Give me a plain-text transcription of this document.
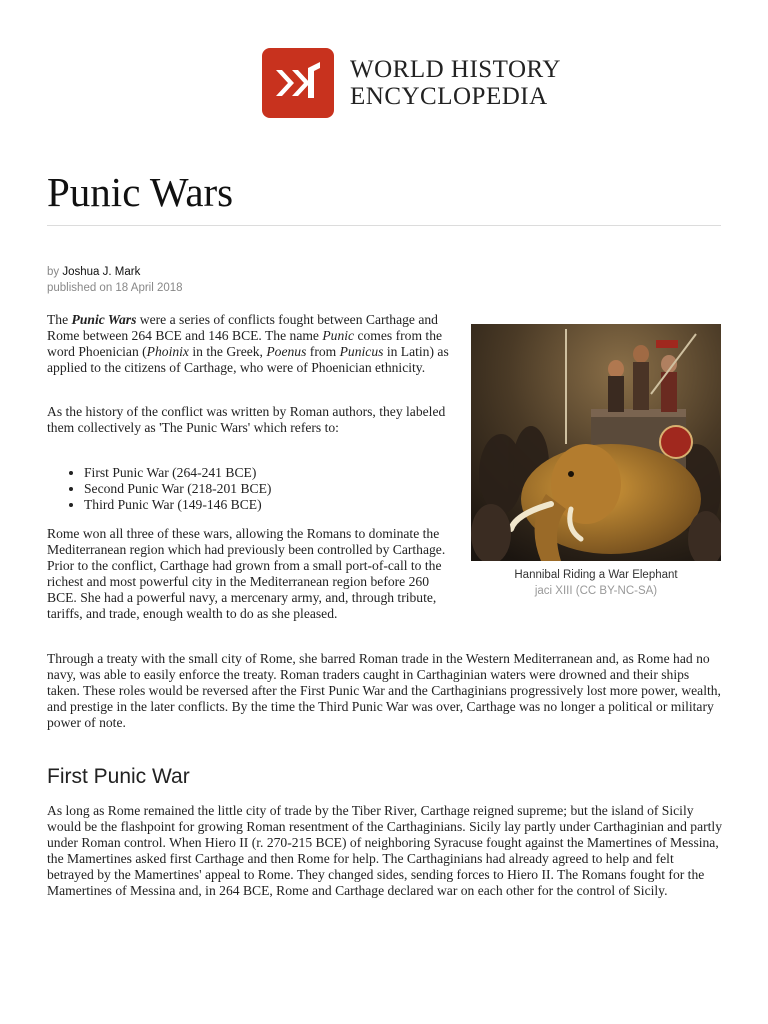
WORLD HISTORY
ENCYCLOPEDIA
Punic Wars
by Joshua J. Mark
published on 18 April 2018
Hannibal Riding a War Elephant
jaci XIII (CC BY-NC-SA)

The Punic Wars were a series of conflicts fought between Carthage and Rome between 264 BCE and 146 BCE. The name Punic comes from the word Phoenician (Phoinix in the Greek, Poenus from Punicus in Latin) as applied to the citizens of Carthage, who were of Phoenician ethnicity.

As the history of the conflict was written by Roman authors, they labeled them collectively as 'The Punic Wars' which refers to:

• First Punic War (264-241 BCE)
• Second Punic War (218-201 BCE)
• Third Punic War (149-146 BCE)

Rome won all three of these wars, allowing the Romans to dominate the Mediterranean region which had previously been controlled by Carthage. Prior to the conflict, Carthage had grown from a small port-of-call to the richest and most powerful city in the Mediterranean region before 260 BCE. She had a powerful navy, a mercenary army, and, through tribute, tariffs, and trade, enough wealth to do as she pleased.

Through a treaty with the small city of Rome, she barred Roman trade in the Western Mediterranean and, as Rome had no navy, was able to easily enforce the treaty. Roman traders caught in Carthaginian waters were drowned and their ships taken. These roles would be reversed after the First Punic War and the Carthaginians progressively lost more power, wealth, and prestige in the later conflicts. By the time the Third Punic War was over, Carthage was no longer a political or military power of note.

First Punic War

As long as Rome remained the little city of trade by the Tiber River, Carthage reigned supreme; but the island of Sicily would be the flashpoint for growing Roman resentment of the Carthaginians. Sicily lay partly under Carthaginian and partly under Roman control. When Hiero II (r. 270-215 BCE) of neighboring Syracuse fought against the Mamertines of Messina, the Mamertines asked first Carthage and then Rome for help. The Carthaginians had already agreed to help and felt betrayed by the Mamertines' appeal to Rome. They changed sides, sending forces to Hiero II. The Romans fought for the Mamertines of Messina and, in 264 BCE, Rome and Carthage declared war on each other for the control of Sicily.
